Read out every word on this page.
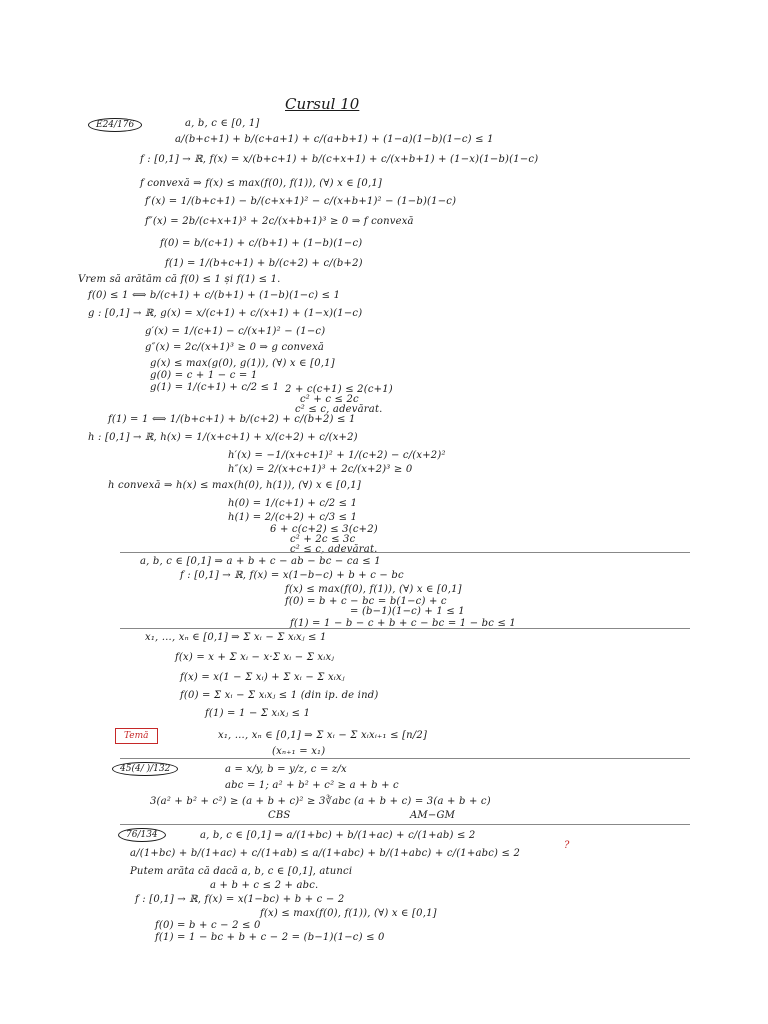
Cursul 10
E24/176	a, b, c ∈ [0, 1]
a/(b+c+1) + b/(c+a+1) + c/(a+b+1) + (1−a)(1−b)(1−c) ≤ 1
f : [0,1] → ℝ, f(x) = x/(b+c+1) + b/(c+x+1) + c/(x+b+1) + (1−x)(1−b)(1−c)
f convexă ⇒ f(x) ≤ max(f(0), f(1)), (∀) x ∈ [0,1]
f′(x) = 1/(b+c+1) − b/(c+x+1)² − c/(x+b+1)² − (1−b)(1−c)
f″(x) = 2b/(c+x+1)³ + 2c/(x+b+1)³ ≥ 0 ⇒ f convexă
f(0) = b/(c+1) + c/(b+1) + (1−b)(1−c)
f(1) = 1/(b+c+1) + b/(c+2) + c/(b+2)
Vrem să arătăm că f(0) ≤ 1 și f(1) ≤ 1.
f(0) ≤ 1 ⟺ b/(c+1) + c/(b+1) + (1−b)(1−c) ≤ 1
g : [0,1] → ℝ, g(x) = x/(c+1) + c/(x+1) + (1−x)(1−c)
g′(x) = 1/(c+1) − c/(x+1)² − (1−c)
g″(x) = 2c/(x+1)³ ≥ 0 ⇒ g convexă
g(x) ≤ max(g(0), g(1)), (∀) x ∈ [0,1]
g(0) = c + 1 − c = 1
g(1) = 1/(c+1) + c/2 ≤ 1 2 + c(c+1) ≤ 2(c+1)
c² + c ≤ 2c
c² ≤ c, adevărat.
f(1) = 1 ⟺ 1/(b+c+1) + b/(c+2) + c/(b+2) ≤ 1
h : [0,1] → ℝ, h(x) = 1/(x+c+1) + x/(c+2) + c/(x+2)
h′(x) = −1/(x+c+1)² + 1/(c+2) − c/(x+2)²
h″(x) = 2/(x+c+1)³ + 2c/(x+2)³ ≥ 0
h convexă ⇒ h(x) ≤ max(h(0), h(1)), (∀) x ∈ [0,1]
h(0) = 1/(c+1) + c/2 ≤ 1
h(1) = 2/(c+2) + c/3 ≤ 1
6 + c(c+2) ≤ 3(c+2)
c² + 2c ≤ 3c
c² ≤ c, adevărat.
a, b, c ∈ [0,1] ⇒ a + b + c − ab − bc − ca ≤ 1
f : [0,1] → ℝ, f(x) = x(1−b−c) + b + c − bc
f(x) ≤ max(f(0), f(1)), (∀) x ∈ [0,1]
f(0) = b + c − bc = b(1−c) + c
= (b−1)(1−c) + 1 ≤ 1
f(1) = 1 − b − c + b + c − bc = 1 − bc ≤ 1
x₁, …, xₙ ∈ [0,1] ⇒ Σ xᵢ − Σ xᵢxⱼ ≤ 1
f(x) = x + Σ xᵢ − x·Σ xᵢ − Σ xᵢxⱼ
f(x) = x(1 − Σ xᵢ) + Σ xᵢ − Σ xᵢxⱼ
f(0) = Σ xᵢ − Σ xᵢxⱼ ≤ 1 (din ip. de ind)
f(1) = 1 − Σ xᵢxⱼ ≤ 1
Temă	x₁, …, xₙ ∈ [0,1] ⇒ Σ xᵢ − Σ xᵢxᵢ₊₁ ≤ [n/2]
(xₙ₊₁ = x₁)
45(4/ )/132	a = x/y, b = y/z, c = z/x
abc = 1; a² + b² + c² ≥ a + b + c
3(a² + b² + c²) ≥ (a + b + c)² ≥ 3∛abc (a + b + c) = 3(a + b + c)
CBS	AM−GM
76/134	a, b, c ∈ [0,1] ⇒ a/(1+bc) + b/(1+ac) + c/(1+ab) ≤ 2
a/(1+bc) + b/(1+ac) + c/(1+ab) ≤ a/(1+abc) + b/(1+abc) + c/(1+abc) ≤ 2
?
Putem arăta că dacă a, b, c ∈ [0,1], atunci
a + b + c ≤ 2 + abc.
f : [0,1] → ℝ, f(x) = x(1−bc) + b + c − 2
f(x) ≤ max(f(0), f(1)), (∀) x ∈ [0,1]
f(0) = b + c − 2 ≤ 0
f(1) = 1 − bc + b + c − 2 = (b−1)(1−c) ≤ 0
